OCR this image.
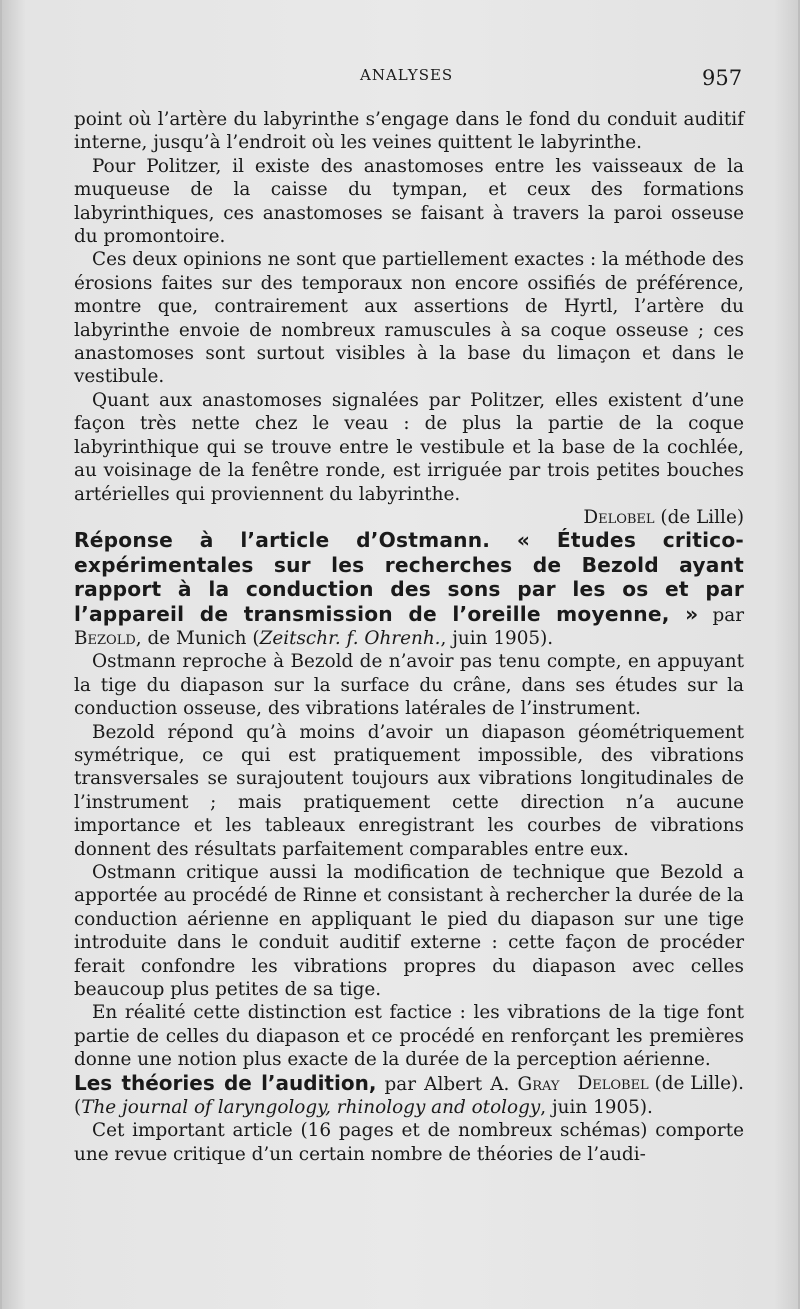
ANALYSES	957

point où l’artère du labyrinthe s’engage dans le fond du conduit auditif interne, jusqu’à l’endroit où les veines quittent le labyrinthe.

Pour Politzer, il existe des anastomoses entre les vaisseaux de la muqueuse de la caisse du tympan, et ceux des formations labyrinthiques, ces anastomoses se faisant à travers la paroi osseuse du promontoire.

Ces deux opinions ne sont que partiellement exactes : la méthode des érosions faites sur des temporaux non encore ossifiés de préférence, montre que, contrairement aux assertions de Hyrtl, l’artère du labyrinthe envoie de nombreux ramuscules à sa coque osseuse ; ces anastomoses sont surtout visibles à la base du limaçon et dans le vestibule.

Quant aux anastomoses signalées par Politzer, elles existent d’une façon très nette chez le veau : de plus la partie de la coque labyrinthique qui se trouve entre le vestibule et la base de la cochlée, au voisinage de la fenêtre ronde, est irriguée par trois petites bouches artérielles qui proviennent du labyrinthe.

Delobel (de Lille)

Réponse à l’article d’Ostmann. « Études critico-expérimentales sur les recherches de Bezold ayant rapport à la conduction des sons par les os et par l’appareil de transmission de l’oreille moyenne, » par Bezold, de Munich (Zeitschr. f. Ohrenh., juin 1905).

Ostmann reproche à Bezold de n’avoir pas tenu compte, en appuyant la tige du diapason sur la surface du crâne, dans ses études sur la conduction osseuse, des vibrations latérales de l’instrument.

Bezold répond qu’à moins d’avoir un diapason géométriquement symétrique, ce qui est pratiquement impossible, des vibrations transversales se surajoutent toujours aux vibrations longitudinales de l’instrument ; mais pratiquement cette direction n’a aucune importance et les tableaux enregistrant les courbes de vibrations donnent des résultats parfaitement comparables entre eux.

Ostmann critique aussi la modification de technique que Bezold a apportée au procédé de Rinne et consistant à rechercher la durée de la conduction aérienne en appliquant le pied du diapason sur une tige introduite dans le conduit auditif externe : cette façon de procéder ferait confondre les vibrations propres du diapason avec celles beaucoup plus petites de sa tige.

En réalité cette distinction est factice : les vibrations de la tige font partie de celles du diapason et ce procédé en renforçant les premières donne une notion plus exacte de la durée de la perception aérienne.
Delobel (de Lille).

Les théories de l’audition, par Albert A. Gray (The journal of laryngology, rhinology and otology, juin 1905).

Cet important article (16 pages et de nombreux schémas) comporte une revue critique d’un certain nombre de théories de l’audi-
